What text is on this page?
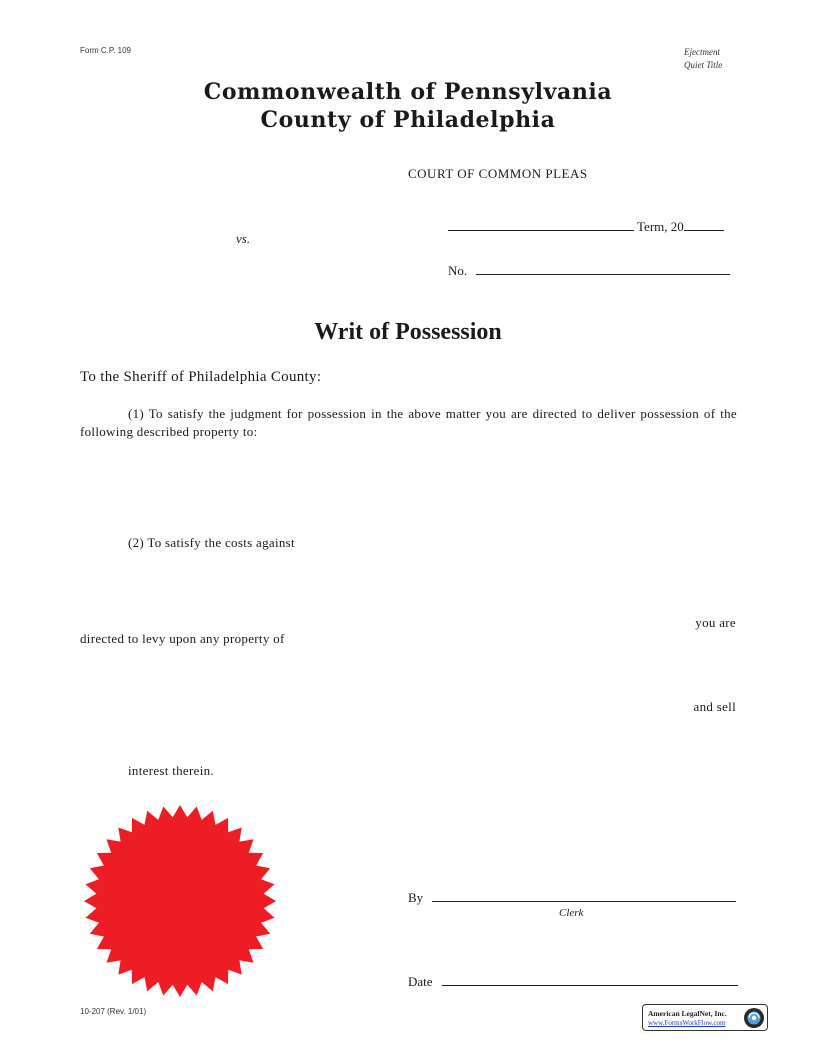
Form C.P. 109	Ejectment
Quiet Title
Commonwealth of Pennsylvania
County of Philadelphia
COURT OF COMMON PLEAS
vs.
Term, 20
No.
Writ of Possession
To the Sheriff of Philadelphia County:
(1) To satisfy the judgment for possession in the above matter you are directed to deliver possession of the following described property to:
(2) To satisfy the costs against
you are
directed to levy upon any property of
and sell
interest therein.
By
Clerk
Date
10-207 (Rev. 1/01)	American LegalNet, Inc.
www.FormsWorkFlow.com
